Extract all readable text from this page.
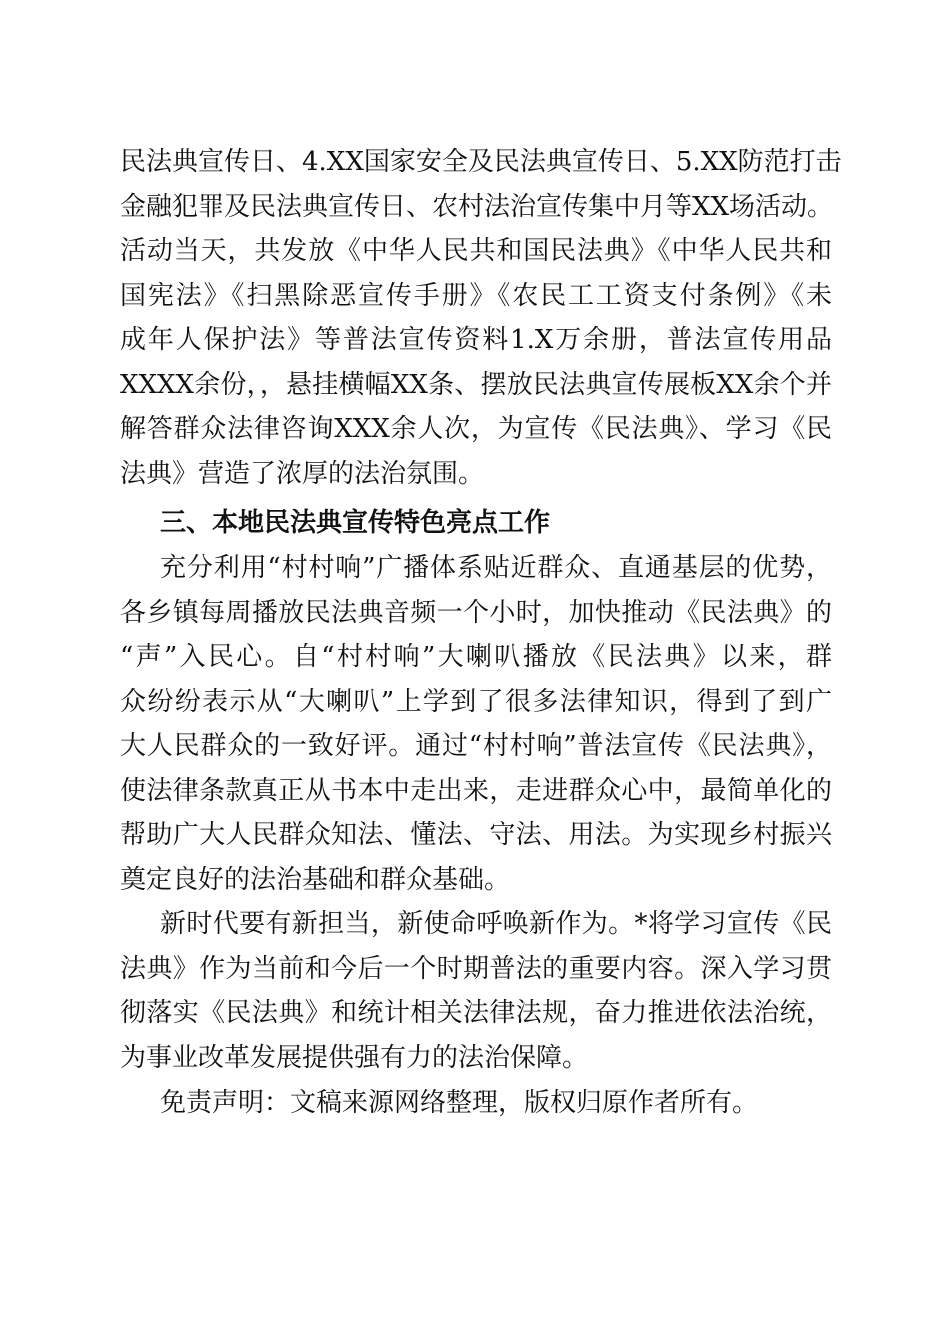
民法典宣传日、4.XX国家安全及民法典宣传日、5.XX防范打击
金融犯罪及民法典宣传日、农村法治宣传集中月等XX场活动。
活动当天，共发放《中华人民共和国民法典》《中华人民共和
国宪法》《扫黑除恶宣传手册》《农民工工资支付条例》《未
成年人保护法》等普法宣传资料1.X万余册，普法宣传用品
XXXX余份，，悬挂横幅XX条、摆放民法典宣传展板XX余个并
解答群众法律咨询XXX余人次，为宣传《民法典》、学习《民
法典》营造了浓厚的法治氛围。
三、本地民法典宣传特色亮点工作
充分利用“村村响”广播体系贴近群众、直通基层的优势，
各乡镇每周播放民法典音频一个小时，加快推动《民法典》的
“声”入民心。自“村村响”大喇叭播放《民法典》以来，群
众纷纷表示从“大喇叭”上学到了很多法律知识，得到了到广
大人民群众的一致好评。通过“村村响”普法宣传《民法典》，
使法律条款真正从书本中走出来，走进群众心中，最简单化的
帮助广大人民群众知法、懂法、守法、用法。为实现乡村振兴
奠定良好的法治基础和群众基础。
新时代要有新担当，新使命呼唤新作为。*将学习宣传《民
法典》作为当前和今后一个时期普法的重要内容。深入学习贯
彻落实《民法典》和统计相关法律法规，奋力推进依法治统，
为事业改革发展提供强有力的法治保障。
免责声明：文稿来源网络整理，版权归原作者所有。
